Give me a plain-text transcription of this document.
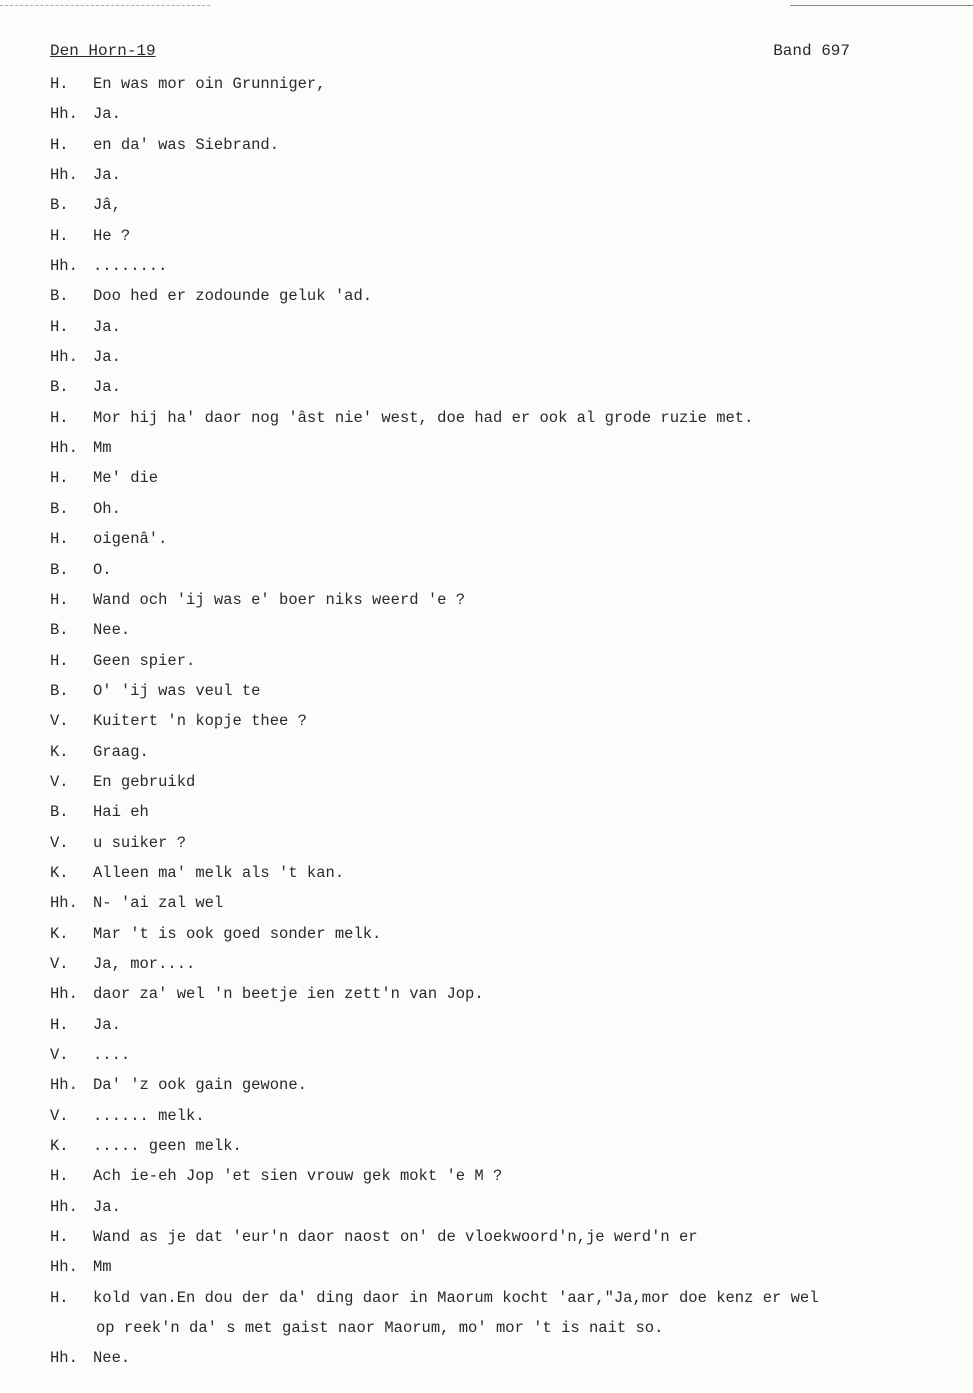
Den Horn-19	Band 697
H. En was mor oin Grunniger,
Hh. Ja.
H. en da' was Siebrand.
Hh. Ja.
B. Jâ,
H. He ?
Hh. ........
B. Doo hed er zodounde geluk 'ad.
H. Ja.
Hh. Ja.
B. Ja.
H. Mor hij ha' daor nog 'âst nie' west, doe had er ook al grode ruzie met.
Hh. Mm
H. Me' die
B. Oh.
H. oigenâ'.
B. O.
H. Wand och 'ij was e' boer niks weerd 'e ?
B. Nee.
H. Geen spier.
B. O' 'ij was veul te
V. Kuitert 'n kopje thee ?
K. Graag.
V. En gebruikd
B. Hai eh
V. u suiker ?
K. Alleen ma' melk als 't kan.
Hh. N- 'ai zal wel
K. Mar 't is ook goed sonder melk.
V. Ja, mor....
Hh. daor za' wel 'n beetje ien zett'n van Jop.
H. Ja.
V. ....
Hh. Da' 'z ook gain gewone.
V. ...... melk.
K. ..... geen melk.
H. Ach ie-eh Jop 'et sien vrouw gek mokt 'e M ?
Hh. Ja.
H. Wand as je dat 'eur'n daor naost on' de vloekwoord'n,je werd'n er
Hh. Mm
H. kold van.En dou der da' ding daor in Maorum kocht 'aar,"Ja,mor doe kenz er wel
op reek'n da' s met gaist naor Maorum, mo' mor 't is nait so.
Hh. Nee.
